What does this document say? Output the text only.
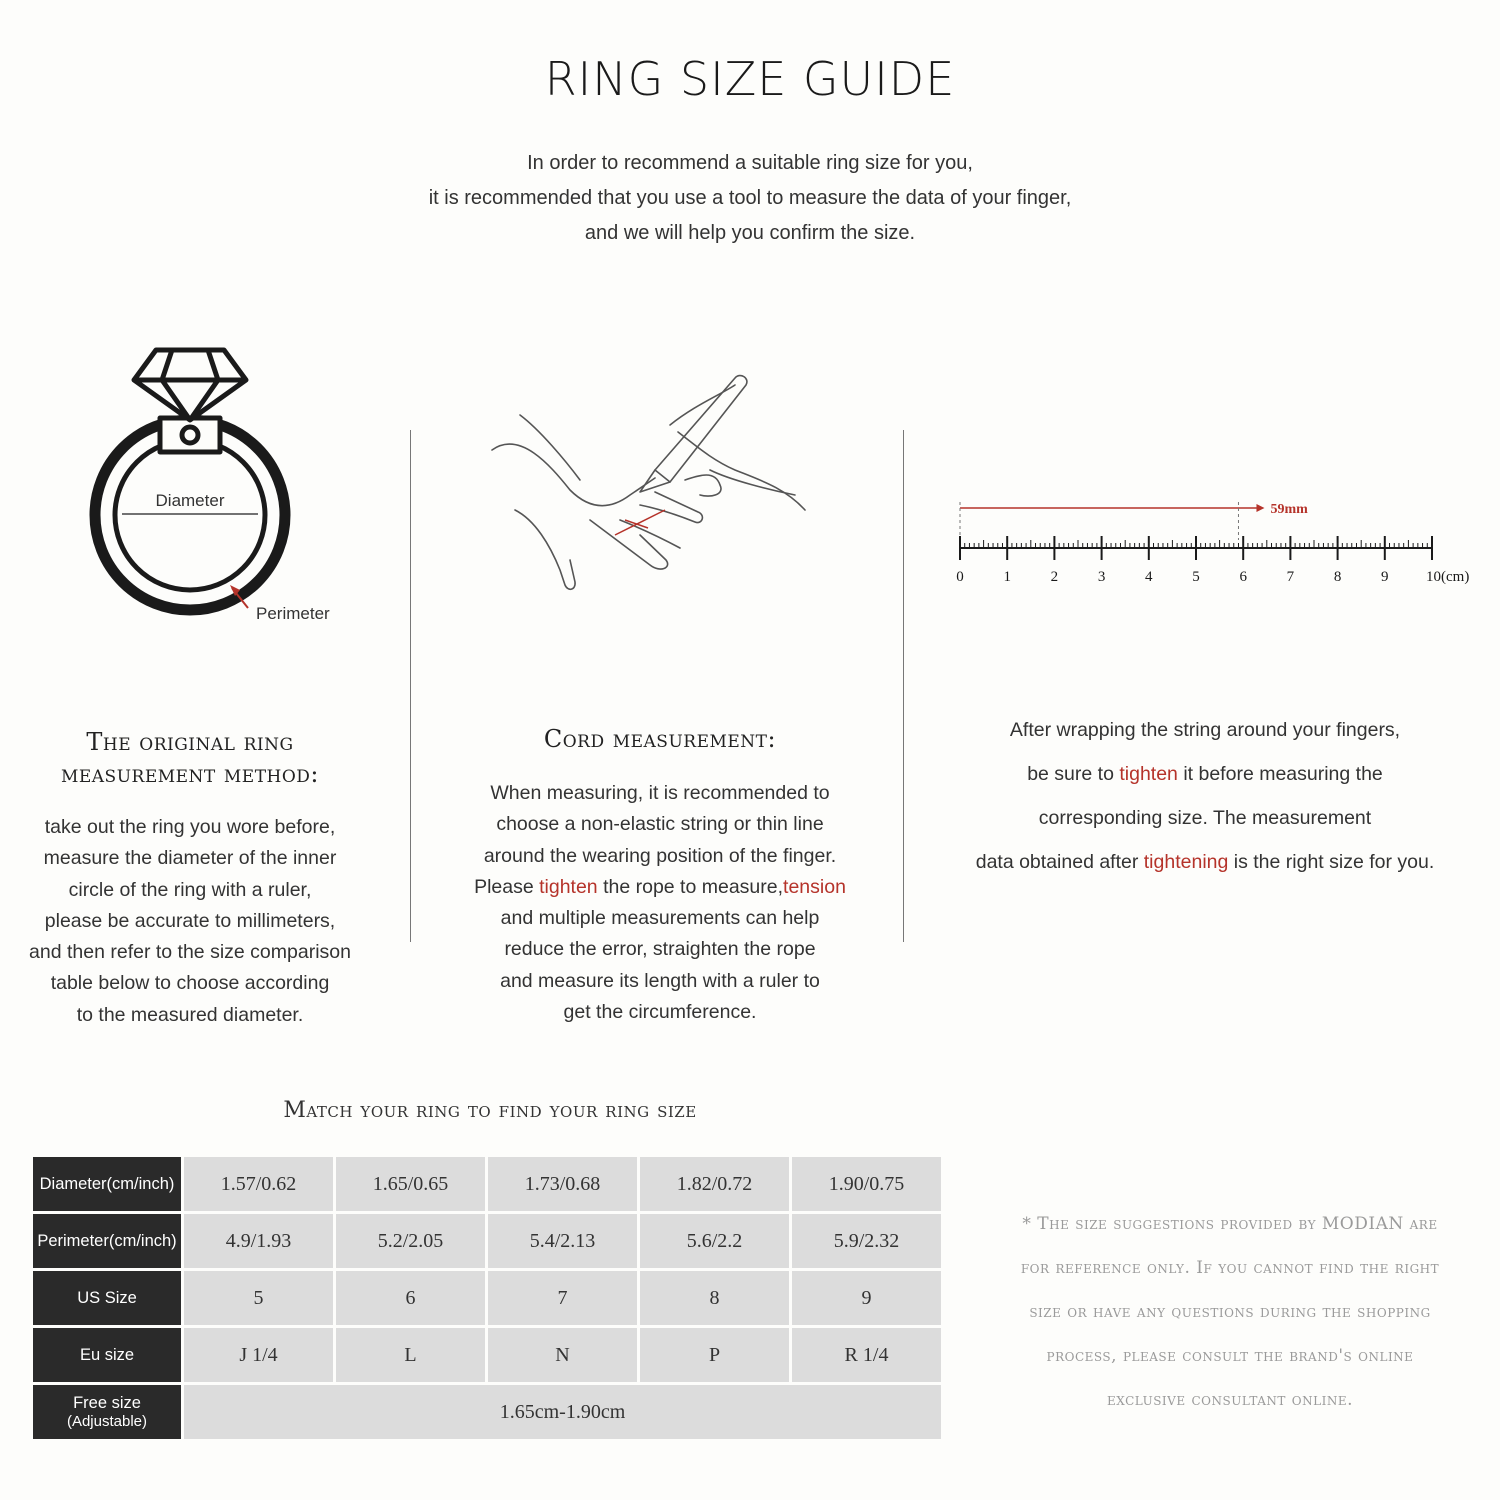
RING SIZE GUIDE
In order to recommend a suitable ring size for you,
it is recommended that you use a tool to measure the data of your finger,
and we will help you confirm the size.
Diameter
Perimeter
59mm
0	1	2	3	4	5	6	7	8	9 10(cm)
The original ring
measurement method:
take out the ring you wore before,
measure the diameter of the inner
circle of the ring with a ruler,
please be accurate to millimeters,
and then refer to the size comparison
table below to choose according
to the measured diameter.
Cord measurement:
When measuring, it is recommended to
choose a non-elastic string or thin line
around the wearing position of the finger.
Please tighten the rope to measure,tension
and multiple measurements can help
reduce the error, straighten the rope
and measure its length with a ruler to
get the circumference.
After wrapping the string around your fingers,
be sure to tighten it before measuring the
corresponding size. The measurement
data obtained after tightening is the right size for you.
Match your ring to find your ring size
Diameter(cm/inch)	1.57/0.62	1.65/0.65	1.73/0.68	1.82/0.72	1.90/0.75
Perimeter(cm/inch)	4.9/1.93	5.2/2.05	5.4/2.13	5.6/2.2	5.9/2.32
US Size	5	6	7	8	9
Eu size	J 1/4	L	N	P	R 1/4

Free size
(Adjustable)	1.65cm-1.90cm				
* The size suggestions provided by MODIAN are
for reference only. If you cannot find the right
size or have any questions during the shopping
process, please consult the brand's online
exclusive consultant online.
